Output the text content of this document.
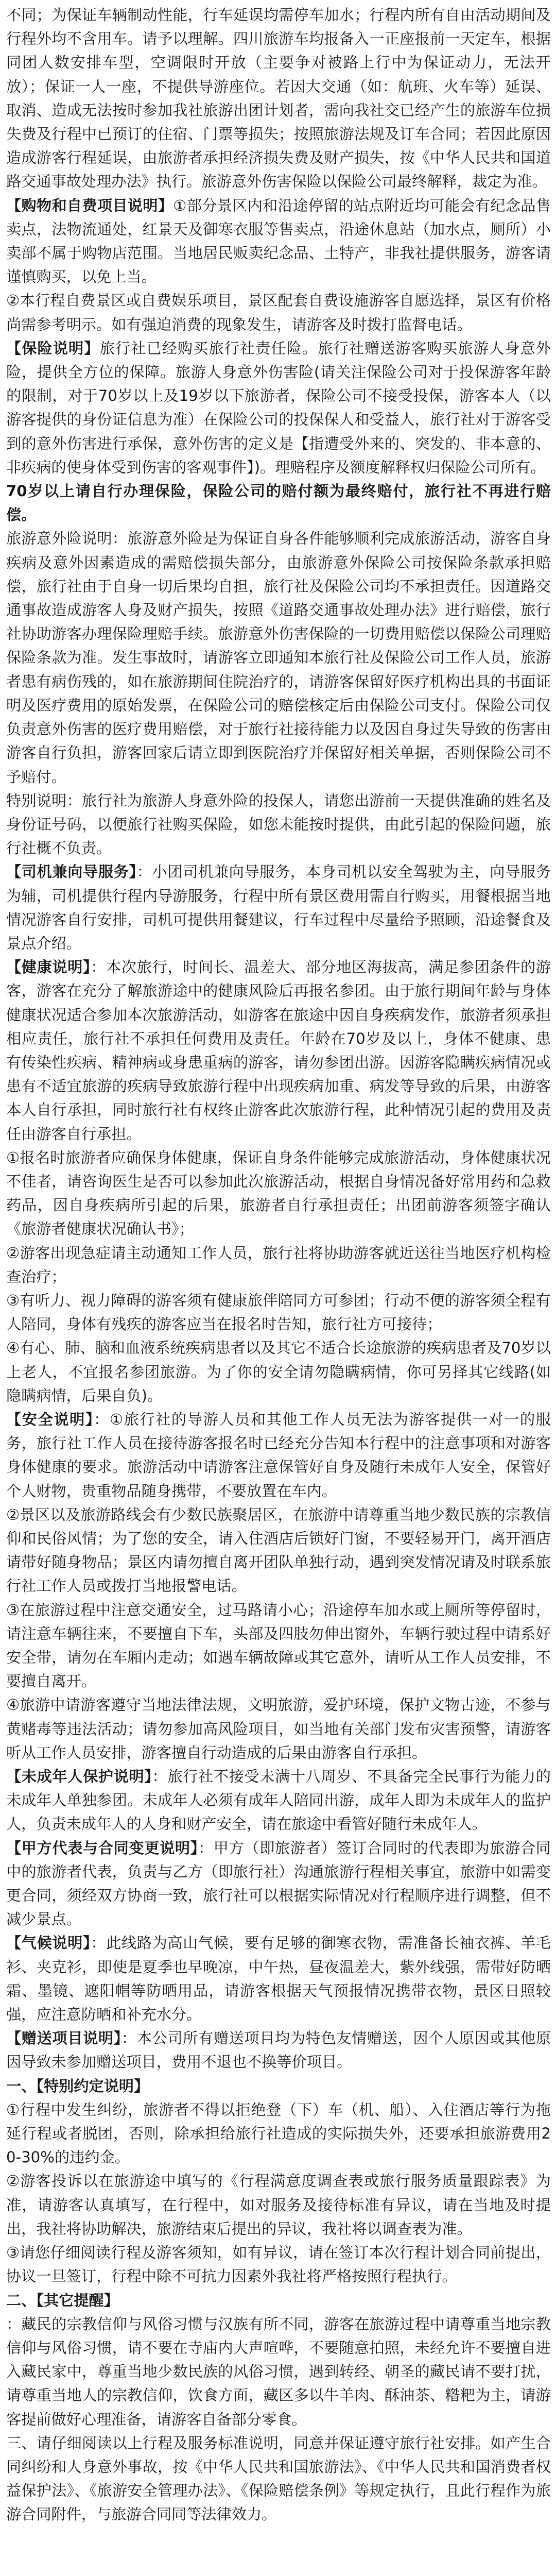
不同；为保证车辆制动性能，行车延误均需停车加水；行程内所有自由活动期间及行程外均不含用车。请予以理解。四川旅游车均报备入一正座报前一天定车，根据同团人数安排车型，空调限时开放（主要争对被路上行中为保证动力，无法开放）；保证一人一座，不提供导游座位。若因大交通（如：航班、火车等）延误、取消、造成无法按时参加我社旅游出团计划者，需向我社交已经产生的旅游车位损失费及行程中已预订的住宿、门票等损失；按照旅游法规及订车合同；若因此原因造成游客行程延误，由旅游者承担经济损失费及财产损失，按《中华人民共和国道路交通事故处理办法》执行。旅游意外伤害保险以保险公司最终解释，裁定为准。

【购物和自费项目说明】①部分景区内和沿途停留的站点附近均可能会有纪念品售卖点，法物流通处，红景天及御寒衣服等售卖点，沿途休息站（加水点，厕所）小卖部不属于购物店范围。当地居民贩卖纪念品、土特产，非我社提供服务，游客请谨慎购买，以免上当。

②本行程自费景区或自费娱乐项目，景区配套自费设施游客自愿选择，景区有价格尚需参考明示。如有强迫消费的现象发生，请游客及时拨打监督电话。

【保险说明】旅行社已经购买旅行社责任险。旅行社赠送游客购买旅游人身意外险，提供全方位的保障。旅游人身意外伤害险(请关注保险公司对于投保游客年龄的限制，对于70岁以上及19岁以下旅游者，保险公司不接受投保，游客本人（以游客提供的身份证信息为准）在保险公司的投保保人和受益人，旅行社对于游客受到的意外伤害进行承保，意外伤害的定义是【指遭受外来的、突发的、非本意的、非疾病的使身体受到伤害的客观事件】)。理赔程序及额度解释权归保险公司所有。

70岁以上请自行办理保险，保险公司的赔付额为最终赔付，旅行社不再进行赔偿。

旅游意外险说明：旅游意外险是为保证自身各件能够顺利完成旅游活动，游客自身疾病及意外因素造成的需赔偿损失部分，由旅游意外保险公司按保险条款承担赔偿，旅行社由于自身一切后果均自担，旅行社及保险公司均不承担责任。因道路交通事故造成游客人身及财产损失，按照《道路交通事故处理办法》进行赔偿，旅行社协助游客办理保险理赔手续。旅游意外伤害保险的一切费用赔偿以保险公司理赔保险条款为准。发生事故时，请游客立即通知本旅行社及保险公司工作人员，旅游者患有病伤残的，如在旅游期间住院治疗的，请游客保留好医疗机构出具的书面证明及医疗费用的原始发票，在保险公司的赔偿核定后由保险公司支付。保险公司仅负责意外伤害的医疗费用赔偿，对于旅行社接待能力以及因自身过失导致的伤害由游客自行负担，游客回家后请立即到医院治疗并保留好相关单据，否则保险公司不予赔付。

特别说明：旅行社为旅游人身意外险的投保人，请您出游前一天提供准确的姓名及身份证号码，以便旅行社购买保险，如您未能按时提供，由此引起的保险问题，旅行社概不负责。

【司机兼向导服务】：小团司机兼向导服务，本身司机以安全驾驶为主，向导服务为辅，司机提供行程内导游服务，行程中所有景区费用需自行购买，用餐根据当地情况游客自行安排，司机可提供用餐建议，行车过程中尽量给予照顾，沿途餐食及景点介绍。

【健康说明】：本次旅行，时间长、温差大、部分地区海拔高，满足参团条件的游客，游客在充分了解旅游途中的健康风险后再报名参团。由于旅行期间年龄与身体健康状况适合参加本次旅游活动，如游客在旅途中因自身疾病发作，旅游者须承担相应责任，旅行社不承担任何费用及责任。年龄在70岁及以上，身体不健康、患有传染性疾病、精神病或身患重病的游客，请勿参团出游。因游客隐瞒疾病情况或患有不适宜旅游的疾病导致旅游行程中出现疾病加重、病发等导致的后果，由游客本人自行承担，同时旅行社有权终止游客此次旅游行程，此种情况引起的费用及责任由游客自行承担。

①报名时旅游者应确保身体健康，保证自身条件能够完成旅游活动，身体健康状况不佳者，请咨询医生是否可以参加此次旅游活动，根据自身情况备好常用药和急救药品，因自身疾病所引起的后果，旅游者自行承担责任；出团前游客须签字确认《旅游者健康状况确认书》；

②游客出现急症请主动通知工作人员，旅行社将协助游客就近送往当地医疗机构检查治疗；

③有听力、视力障碍的游客须有健康旅伴陪同方可参团；行动不便的游客须全程有人陪同，身体有残疾的游客应当在报名时告知，旅行社方可接待；

④有心、肺、脑和血液系统疾病患者以及其它不适合长途旅游的疾病患者及70岁以上老人，不宜报名参团旅游。为了你的安全请勿隐瞒病情，你可另择其它线路(如隐瞒病情，后果自负)。

【安全说明】：①旅行社的导游人员和其他工作人员无法为游客提供一对一的服务，旅行社工作人员在接待游客报名时已经充分告知本行程中的注意事项和对游客身体健康的要求。旅游活动中请游客注意保管好自身及随行未成年人安全，保管好个人财物，贵重物品随身携带，不要放置在车内。

②景区以及旅游路线会有少数民族聚居区，在旅游中请尊重当地少数民族的宗教信仰和民俗风情；为了您的安全，请入住酒店后锁好门窗，不要轻易开门，离开酒店请带好随身物品；景区内请勿擅自离开团队单独行动，遇到突发情况请及时联系旅行社工作人员或拨打当地报警电话。

③在旅游过程中注意交通安全，过马路请小心；沿途停车加水或上厕所等停留时，请注意车辆往来，不要擅自下车，头部及四肢勿伸出窗外，车辆行驶过程中请系好安全带，请勿在车厢内走动；如遇车辆故障或其它意外，请听从工作人员安排，不要擅自离开。

④旅游中请游客遵守当地法律法规，文明旅游，爱护环境，保护文物古迹，不参与黄赌毒等违法活动；请勿参加高风险项目，如当地有关部门发布灾害预警，请游客听从工作人员安排，游客擅自行动造成的后果由游客自行承担。

【未成年人保护说明】：旅行社不接受未满十八周岁、不具备完全民事行为能力的未成年人单独参团。未成年人必须有成年人陪同出游，成年人即为未成年人的监护人，负责未成年人的人身和财产安全，请在旅途中看管好随行未成年人。

【甲方代表与合同变更说明】：甲方（即旅游者）签订合同时的代表即为旅游合同中的旅游者代表，负责与乙方（即旅行社）沟通旅游行程相关事宜，旅游中如需变更合同，须经双方协商一致，旅行社可以根据实际情况对行程顺序进行调整，但不减少景点。

【气候说明】：此线路为高山气候，要有足够的御寒衣物，需准备长袖衣裤、羊毛衫、夹克衫，即使是夏季也早晚凉，中午热，昼夜温差大，紫外线强，需带好防晒霜、墨镜、遮阳帽等防晒用品，请游客根据天气预报情况携带衣物，景区日照较强，应注意防晒和补充水分。

【赠送项目说明】：本公司所有赠送项目均为特色友情赠送，因个人原因或其他原因导致未参加赠送项目，费用不退也不换等价项目。

一、【特别约定说明】

①行程中发生纠纷，旅游者不得以拒绝登（下）车（机、船）、入住酒店等行为拖延行程或者脱团，否则，除承担给旅行社造成的实际损失外，还要承担旅游费用20-30%的违约金。

②游客投诉以在旅游途中填写的《行程满意度调查表或旅行服务质量跟踪表》为准，请游客认真填写，在行程中，如对服务及接待标准有异议，请在当地及时提出，我社将协助解决，旅游结束后提出的异议，我社将以调查表为准。

③请您仔细阅读行程及游客须知，如有异议，请在签订本次行程计划合同前提出，协议一旦签订，行程中除不可抗力因素外我社将严格按照行程执行。

二、【其它提醒】

：藏民的宗教信仰与风俗习惯与汉族有所不同，游客在旅游过程中请尊重当地宗教信仰与风俗习惯，请不要在寺庙内大声喧哗，不要随意拍照，未经允许不要擅自进入藏民家中，尊重当地少数民族的风俗习惯，遇到转经、朝圣的藏民请不要打扰，请尊重当地人的宗教信仰，饮食方面，藏区多以牛羊肉、酥油茶、糌粑为主，请游客提前做好心理准备，请游客自备部分零食。

三、请仔细阅读以上行程及服务标准说明，同意并保证遵守旅行社安排。如产生合同纠纷和人身意外事故，按《中华人民共和国旅游法》、《中华人民共和国消费者权益保护法》、《旅游安全管理办法》、《保险赔偿条例》等规定执行，且此行程作为旅游合同附件，与旅游合同同等法律效力。
